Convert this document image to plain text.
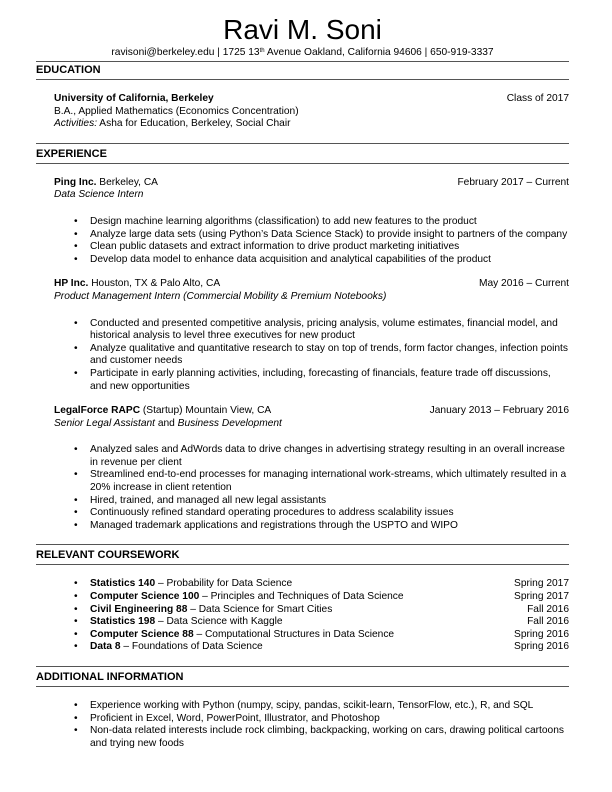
Ravi M. Soni
ravisoni@berkeley.edu | 1725 13th Avenue Oakland, California 94606 | 650-919-3337
EDUCATION
University of California, Berkeley	Class of 2017
B.A., Applied Mathematics (Economics Concentration)
Activities: Asha for Education, Berkeley, Social Chair
EXPERIENCE
Ping Inc. Berkeley, CA	February 2017 – Current
Data Science Intern
• Design machine learning algorithms (classification) to add new features to the product
• Analyze large data sets (using Python’s Data Science Stack) to provide insight to partners of the company
• Clean public datasets and extract information to drive product marketing initiatives
• Develop data model to enhance data acquisition and analytical capabilities of the product
HP Inc. Houston, TX & Palo Alto, CA	May 2016 – Current
Product Management Intern (Commercial Mobility & Premium Notebooks)
• Conducted and presented competitive analysis, pricing analysis, volume estimates, financial model, and historical analysis to level three executives for new product
• Analyze qualitative and quantitative research to stay on top of trends, form factor changes, infection points and customer needs
• Participate in early planning activities, including, forecasting of financials, feature trade off discussions, and new opportunities
LegalForce RAPC (Startup) Mountain View, CA	January 2013 – February 2016
Senior Legal Assistant and Business Development
• Analyzed sales and AdWords data to drive changes in advertising strategy resulting in an overall increase in revenue per client
• Streamlined end-to-end processes for managing international work-streams, which ultimately resulted in a 20% increase in client retention
• Hired, trained, and managed all new legal assistants
• Continuously refined standard operating procedures to address scalability issues
• Managed trademark applications and registrations through the USPTO and WIPO
RELEVANT COURSEWORK
• Statistics 140 – Probability for Data Science	Spring 2017
• Computer Science 100 – Principles and Techniques of Data Science	Spring 2017
• Civil Engineering 88 – Data Science for Smart Cities	Fall 2016
• Statistics 198 – Data Science with Kaggle	Fall 2016
• Computer Science 88 – Computational Structures in Data Science	Spring 2016
• Data 8 – Foundations of Data Science	Spring 2016
ADDITIONAL INFORMATION
• Experience working with Python (numpy, scipy, pandas, scikit-learn, TensorFlow, etc.), R, and SQL
• Proficient in Excel, Word, PowerPoint, Illustrator, and Photoshop
• Non-data related interests include rock climbing, backpacking, working on cars, drawing political cartoons and trying new foods
